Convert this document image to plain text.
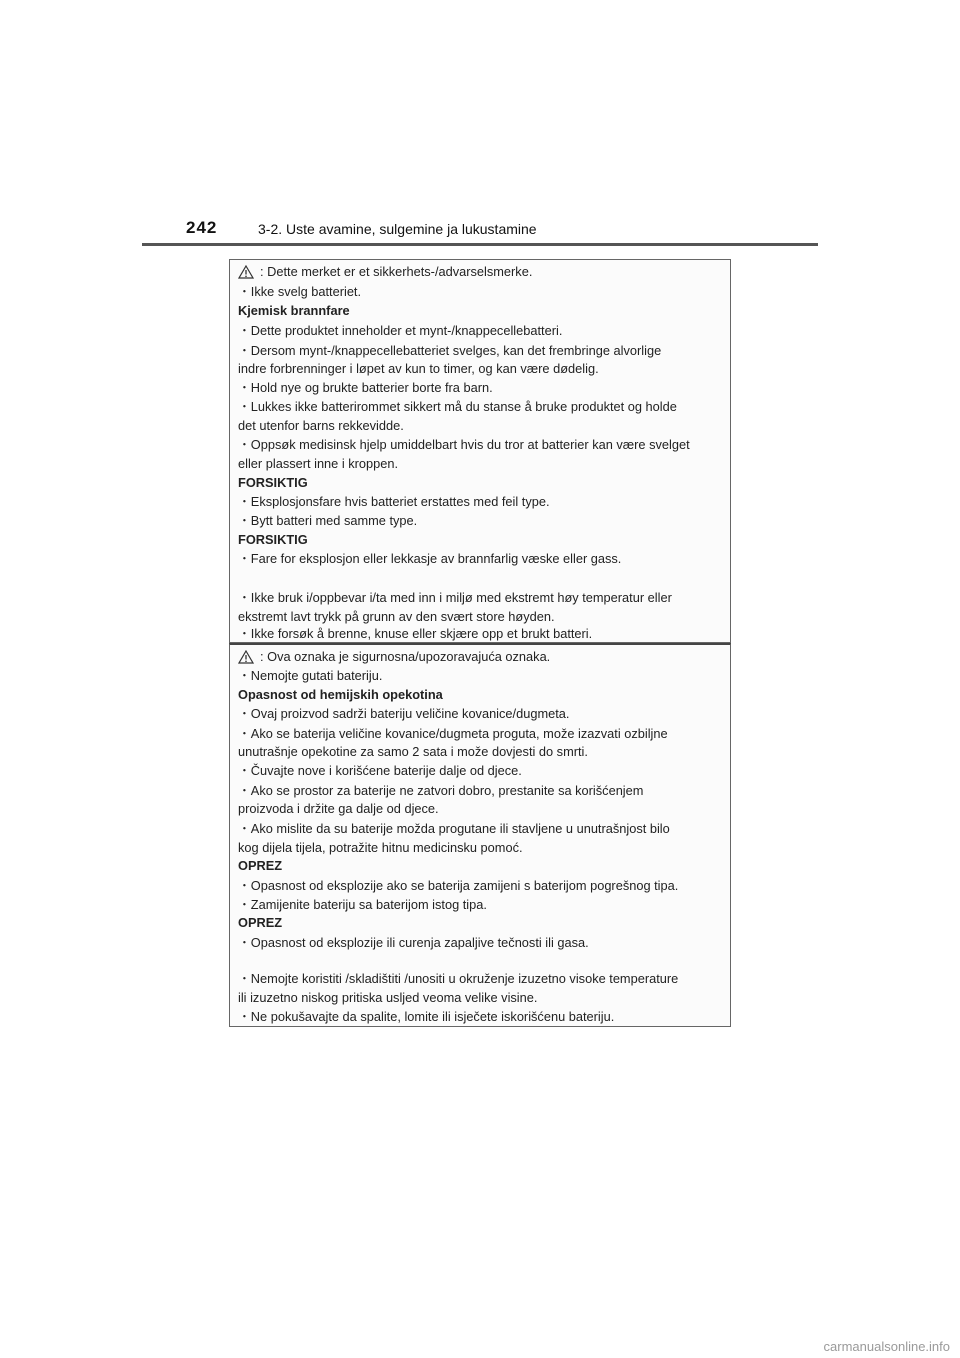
242	3-2. Uste avamine, sulgemine ja lukustamine
: Dette merket er et sikkerhets-/advarselsmerke.
・Ikke svelg batteriet.
Kjemisk brannfare
・Dette produktet inneholder et mynt-/knappecellebatteri.
・Dersom mynt-/knappecellebatteriet svelges, kan det frembringe alvorlige
indre forbrenninger i løpet av kun to timer, og kan være dødelig.
・Hold nye og brukte batterier borte fra barn.
・Lukkes ikke batterirommet sikkert må du stanse å bruke produktet og holde
det utenfor barns rekkevidde.
・Oppsøk medisinsk hjelp umiddelbart hvis du tror at batterier kan være svelget
eller plassert inne i kroppen.
FORSIKTIG
・Eksplosjonsfare hvis batteriet erstattes med feil type.
・Bytt batteri med samme type.
FORSIKTIG
・Fare for eksplosjon eller lekkasje av brannfarlig væske eller gass.
・Ikke bruk i/oppbevar i/ta med inn i miljø med ekstremt høy temperatur eller
ekstremt lavt trykk på grunn av den svært store høyden.
・Ikke forsøk å brenne, knuse eller skjære opp et brukt batteri.
: Ova oznaka je sigurnosna/upozoravajuća oznaka.
・Nemojte gutati bateriju.
Opasnost od hemijskih opekotina
・Ovaj proizvod sadrži bateriju veličine kovanice/dugmeta.
・Ako se baterija veličine kovanice/dugmeta proguta, može izazvati ozbiljne
unutrašnje opekotine za samo 2 sata i može dovjesti do smrti.
・Čuvajte nove i korišćene baterije dalje od djece.
・Ako se prostor za baterije ne zatvori dobro, prestanite sa korišćenjem
proizvoda i držite ga dalje od djece.
・Ako mislite da su baterije možda progutane ili stavljene u unutrašnjost bilo
kog dijela tijela, potražite hitnu medicinsku pomoć.
OPREZ
・Opasnost od eksplozije ako se baterija zamijeni s baterijom pogrešnog tipa.
・Zamijenite bateriju sa baterijom istog tipa.
OPREZ
・Opasnost od eksplozije ili curenja zapaljive tečnosti ili gasa.
・Nemojte koristiti /skladištiti /unositi u okruženje izuzetno visoke temperature
ili izuzetno niskog pritiska usljed veoma velike visine.
・Ne pokušavajte da spalite, lomite ili isječete iskorišćenu bateriju.
carmanualsonline.info
